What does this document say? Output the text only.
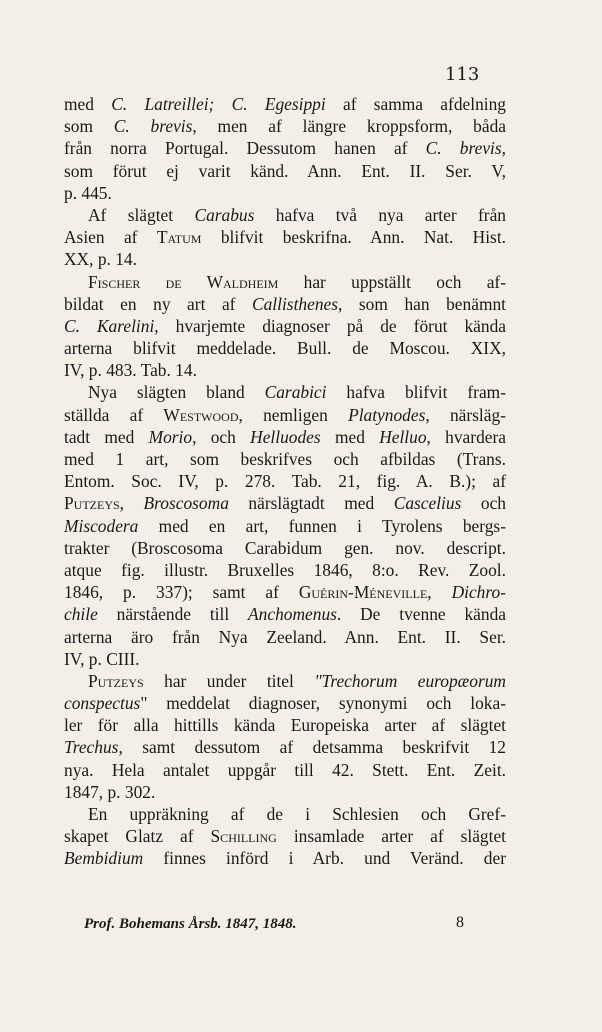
113
med C. Latreillei; C. Egesippi af samma afdelning
som C. brevis, men af längre kroppsform, båda
från norra Portugal. Dessutom hanen af C. brevis,
som förut ej varit känd. Ann. Ent. II. Ser. V,
p. 445.
Af slägtet Carabus hafva två nya arter från
Asien af Tatum blifvit beskrifna. Ann. Nat. Hist.
XX, p. 14.
Fischer de Waldheim har uppställt och af-
bildat en ny art af Callisthenes, som han benämnt
C. Karelini, hvarjemte diagnoser på de förut kända
arterna blifvit meddelade. Bull. de Moscou. XIX,
IV, p. 483. Tab. 14.
Nya slägten bland Carabici hafva blifvit fram-
ställda af Westwood, nemligen Platynodes, närsläg-
tadt med Morio, och Helluodes med Helluo, hvardera
med 1 art, som beskrifves och afbildas (Trans.
Entom. Soc. IV, p. 278. Tab. 21, fig. A. B.); af
Putzeys, Broscosoma närslägtadt med Cascelius och
Miscodera med en art, funnen i Tyrolens bergs-
trakter (Broscosoma Carabidum gen. nov. descript.
atque fig. illustr. Bruxelles 1846, 8:o. Rev. Zool.
1846, p. 337); samt af Guérin-Méneville, Dichro-
chile närstående till Anchomenus. De tvenne kända
arterna äro från Nya Zeeland. Ann. Ent. II. Ser.
IV, p. CIII.
Putzeys har under titel "Trechorum europæorum
conspectus" meddelat diagnoser, synonymi och loka-
ler för alla hittills kända Europeiska arter af slägtet
Trechus, samt dessutom af detsamma beskrifvit 12
nya. Hela antalet uppgår till 42. Stett. Ent. Zeit.
1847, p. 302.
En uppräkning af de i Schlesien och Gref-
skapet Glatz af Schilling insamlade arter af slägtet
Bembidium finnes införd i Arb. und Veränd. der
Prof. Bohemans Årsb. 1847, 1848.	8
